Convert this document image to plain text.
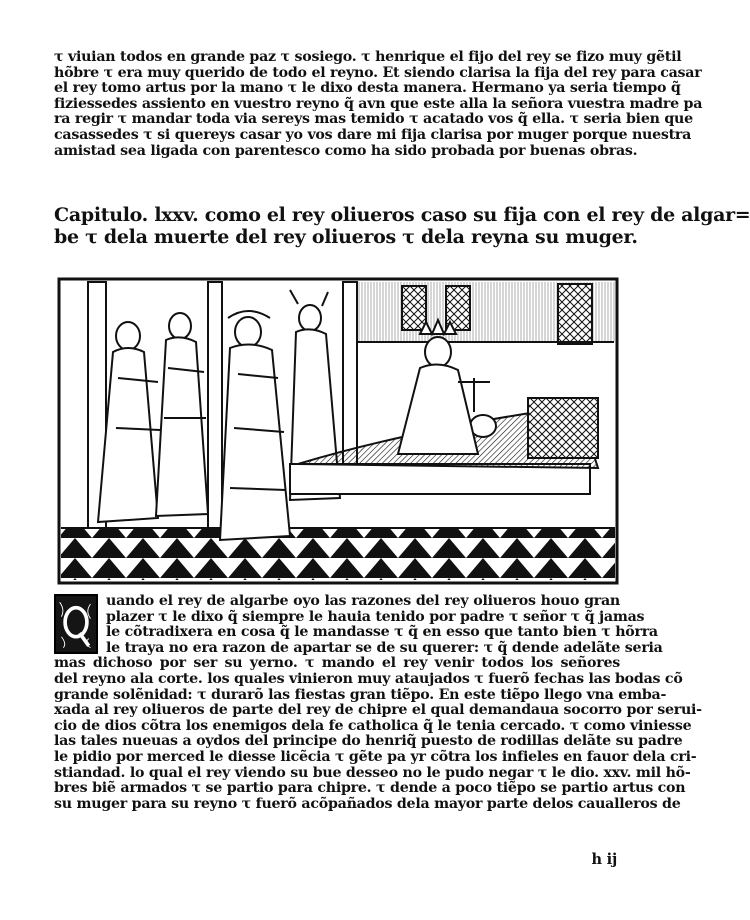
τ viuian todos en grande paz τ sosiego. τ henrique el fijo del rey se fizo muy gẽtil
hõbre τ era muy querido de todo el reyno. Et siendo clarisa la fija del rey para casar
el rey tomo artus por la mano τ le dixo desta manera. Hermano ya seria tiempo q̃
fiziessedes assiento en vuestro reyno q̃ avn que este alla la señora vuestra madre pa
ra regir τ mandar toda via sereys mas temido τ acatado vos q̃ ella. τ seria bien que
casassedes τ si quereys casar yo vos dare mi fija clarisa por muger porque nuestra
amistad sea ligada con parentesco como ha sido probada por buenas obras.
Capitulo. lxxv. como el rey oliueros caso su fija con el rey de algar=
be τ dela muerte del rey oliueros τ dela reyna su muger.
uando el rey de algarbe oyo las razones del rey oliueros houo gran
plazer τ le dixo q̃ siempre le hauia tenido por padre τ señor τ q̃ jamas
le cõtradixera en cosa q̃ le mandasse τ q̃ en esso que tanto bien τ hõrra
le traya no era razon de apartar se de su querer: τ q̃ dende adelãte seria
mas dichoso por ser su yerno. τ mando el rey venir todos los señores
del reyno ala corte. los quales vinieron muy ataujados τ fuerõ fechas las bodas cõ
grande solẽnidad: τ durarõ las fiestas gran tiẽpo. En este tiẽpo llego vna emba-
xada al rey oliueros de parte del rey de chipre el qual demandaua socorro por serui-
cio de dios cõtra los enemigos dela fe catholica q̃ le tenia cercado. τ como viniesse
las tales nueuas a oydos del principe do henriq̃ puesto de rodillas delãte su padre
le pidio por merced le diesse licẽcia τ gẽte pa yr cõtra los infieles en fauor dela cri-
stiandad. lo qual el rey viendo su bue desseo no le pudo negar τ le dio. xxv. mil hõ-
bres biẽ armados τ se partio para chipre. τ dende a poco tiẽpo se partio artus con
su muger para su reyno τ fuerõ acõpañados dela mayor parte delos caualleros de
h ij
